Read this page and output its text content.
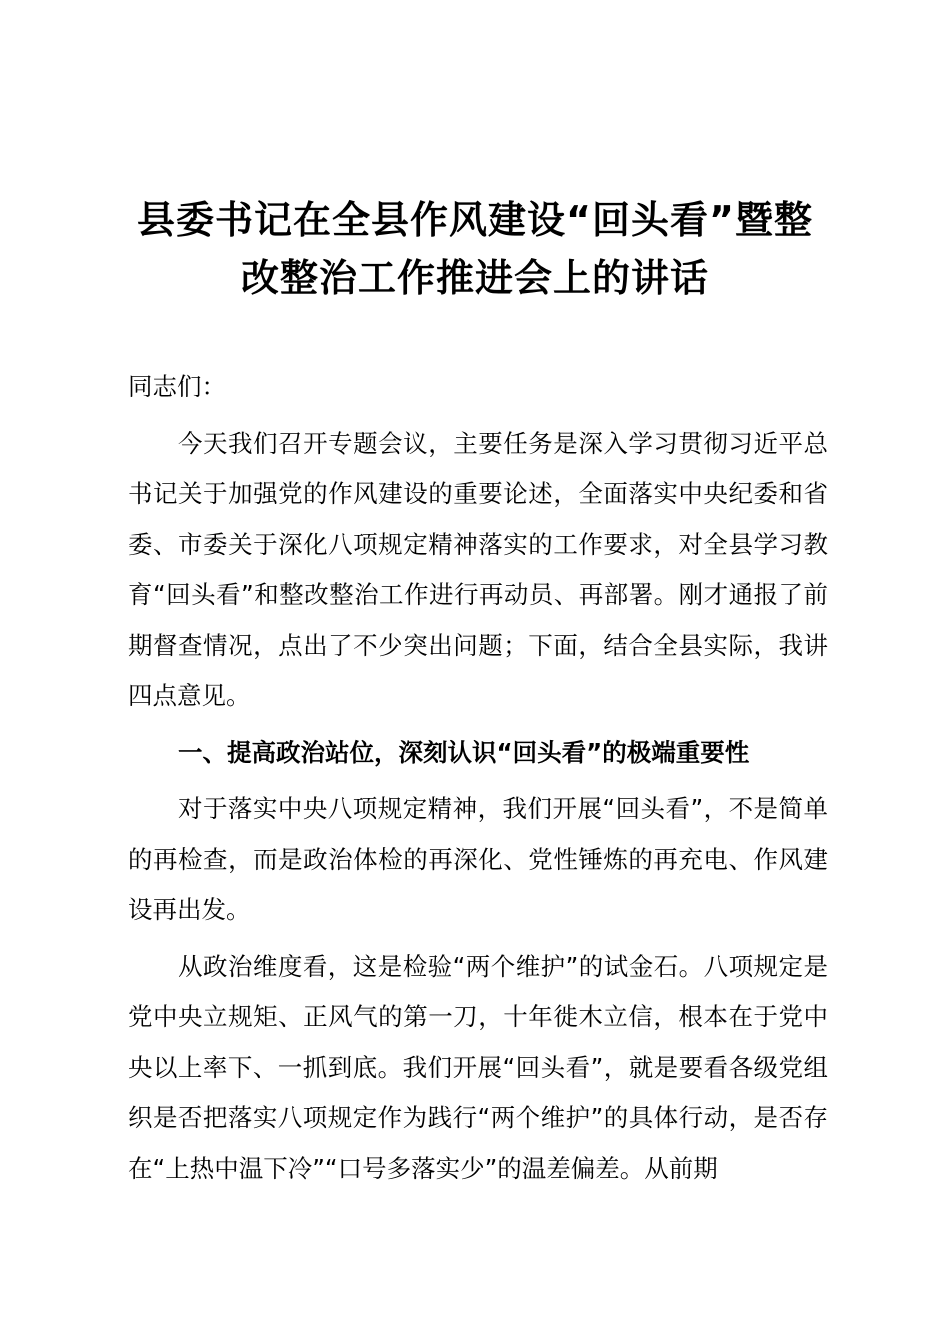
县委书记在全县作风建设“回头看”暨整
改整治工作推进会上的讲话

同志们：

今天我们召开专题会议，主要任务是深入学习贯彻习近平总书记关于加强党的作风建设的重要论述，全面落实中央纪委和省委、市委关于深化八项规定精神落实的工作要求，对全县学习教育“回头看”和整改整治工作进行再动员、再部署。刚才通报了前期督查情况，点出了不少突出问题；下面，结合全县实际，我讲四点意见。

一、提高政治站位，深刻认识“回头看”的极端重要性

对于落实中央八项规定精神，我们开展“回头看”，不是简单的再检查，而是政治体检的再深化、党性锤炼的再充电、作风建设再出发。

从政治维度看，这是检验“两个维护”的试金石。八项规定是党中央立规矩、正风气的第一刀，十年徙木立信，根本在于党中央以上率下、一抓到底。我们开展“回头看”，就是要看各级党组织是否把落实八项规定作为践行“两个维护”的具体行动，是否存在“上热中温下冷”“口号多落实少”的温差偏差。从前期
